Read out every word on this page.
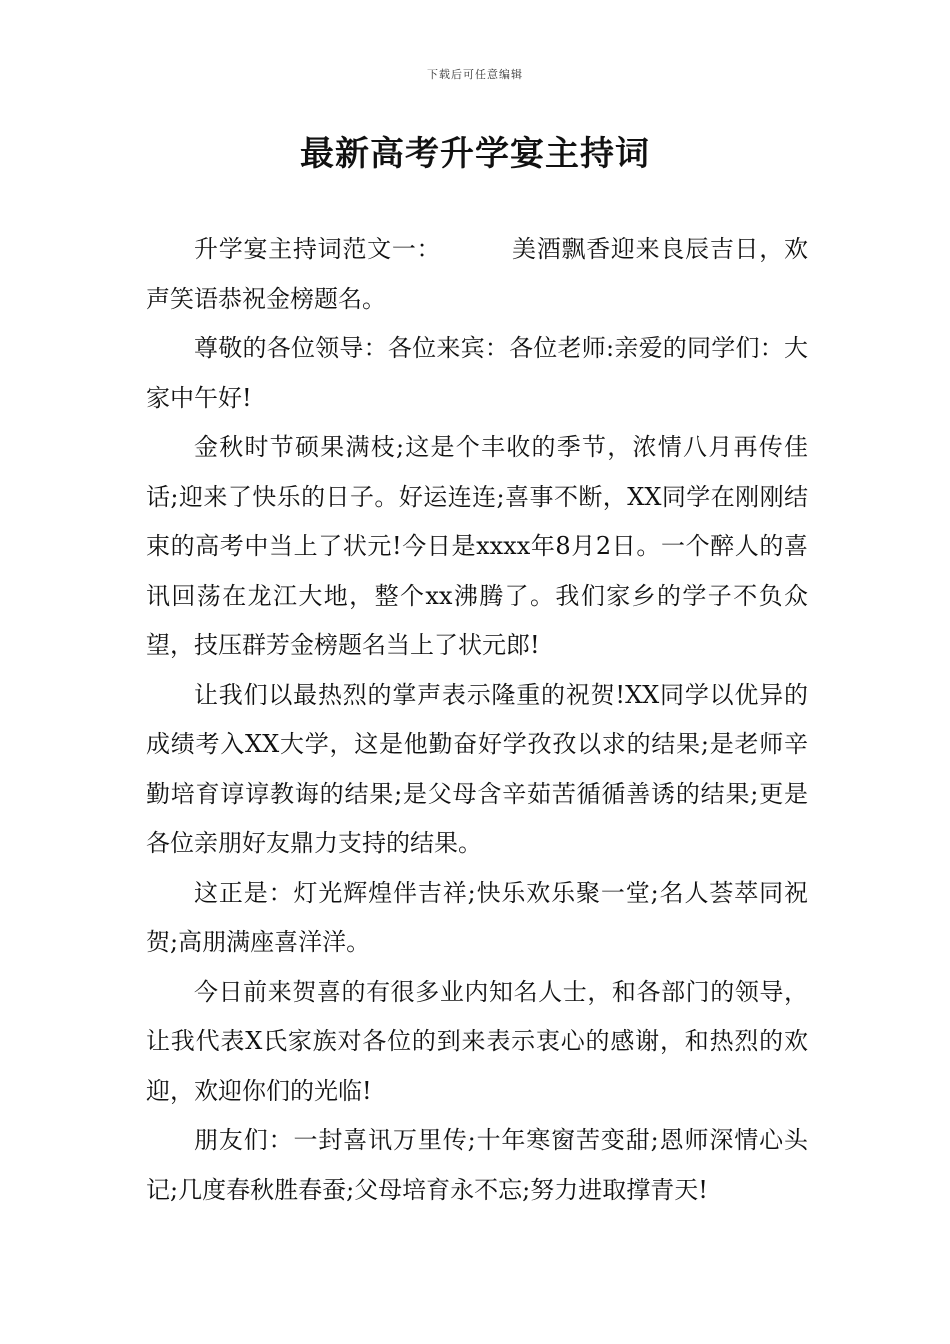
下载后可任意编辑
最新高考升学宴主持词

升学宴主持词范文一：	美酒飘香迎来良辰吉日，欢声笑语恭祝金榜题名。

尊敬的各位领导：各位来宾：各位老师:亲爱的同学们：大家中午好!

金秋时节硕果满枝;这是个丰收的季节，浓情八月再传佳话;迎来了快乐的日子。好运连连;喜事不断，XX同学在刚刚结束的高考中当上了状元!今日是xxxx年8月2日。一个醉人的喜讯回荡在龙江大地，整个xx沸腾了。我们家乡的学子不负众望，技压群芳金榜题名当上了状元郎!

让我们以最热烈的掌声表示隆重的祝贺!XX同学以优异的成绩考入XX大学，这是他勤奋好学孜孜以求的结果;是老师辛勤培育谆谆教诲的结果;是父母含辛茹苦循循善诱的结果;更是各位亲朋好友鼎力支持的结果。

这正是：灯光辉煌伴吉祥;快乐欢乐聚一堂;名人荟萃同祝贺;高朋满座喜洋洋。

今日前来贺喜的有很多业内知名人士，和各部门的领导，让我代表X氏家族对各位的到来表示衷心的感谢，和热烈的欢迎，欢迎你们的光临!

朋友们：一封喜讯万里传;十年寒窗苦变甜;恩师深情心头记;几度春秋胜春蚕;父母培育永不忘;努力进取撑青天!
